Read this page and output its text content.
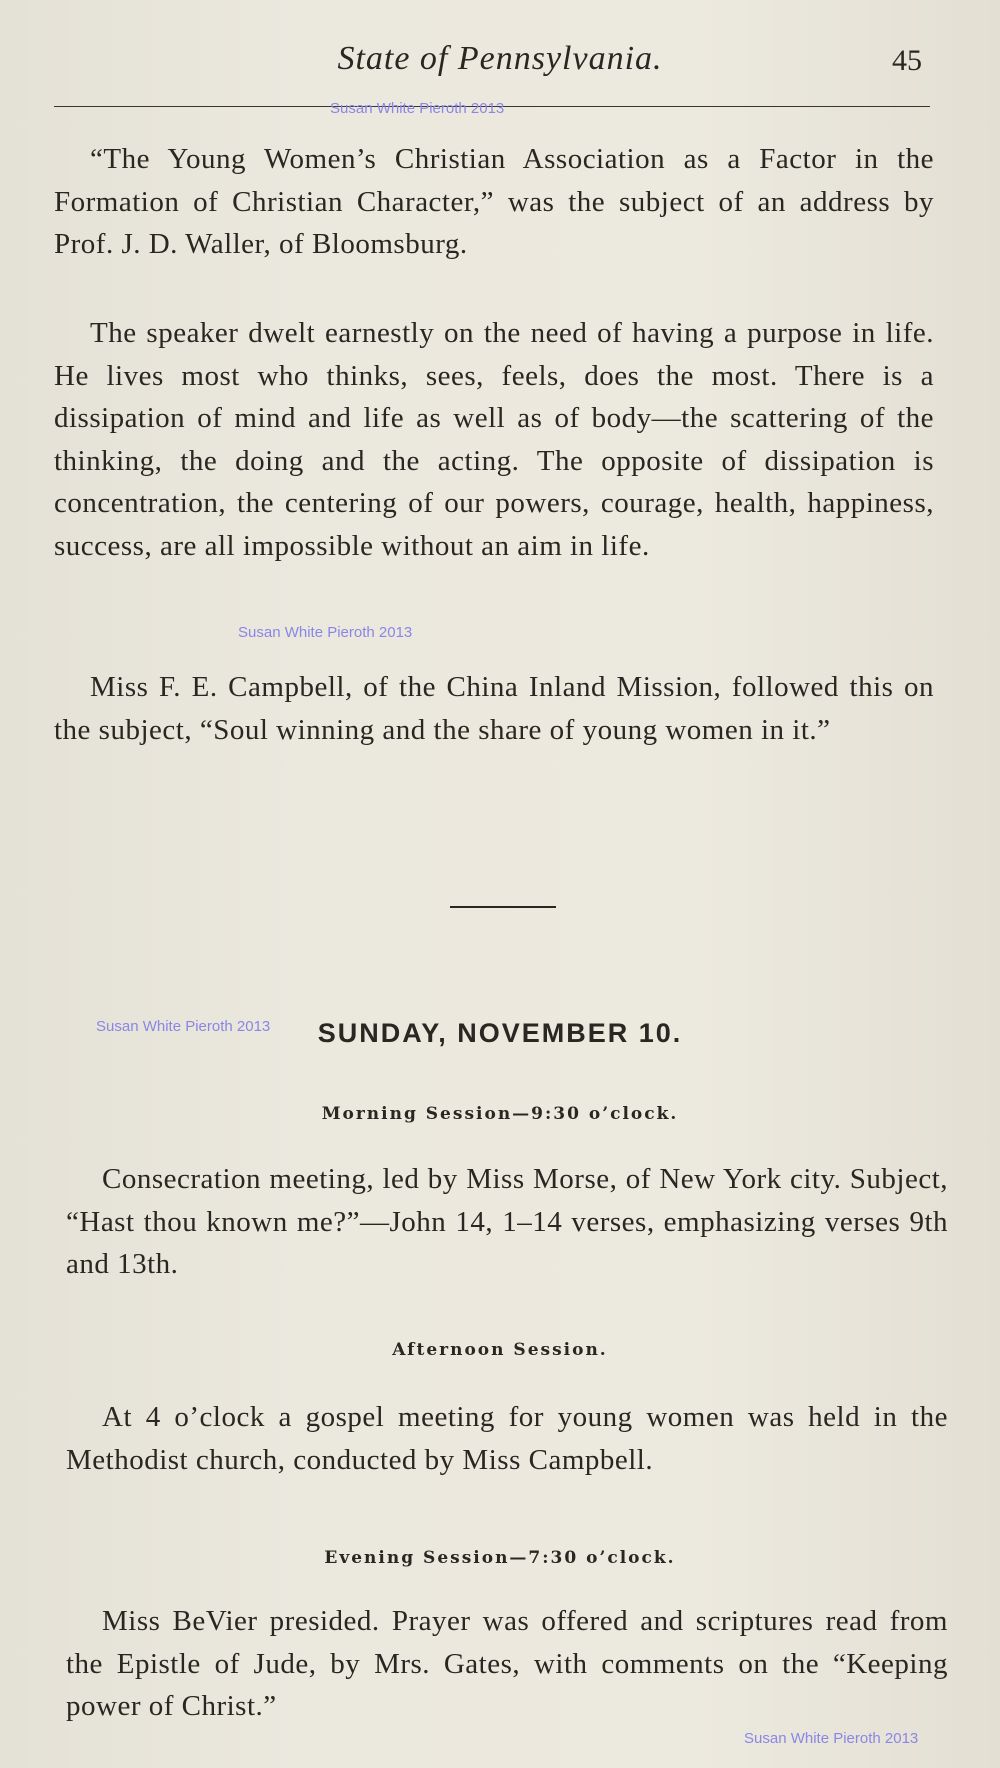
State of Pennsylvania.	45
Susan White Pieroth 2013
“The Young Women’s Christian Association as a Factor in the Formation of Christian Character,” was the subject of an address by Prof. J. D. Waller, of Bloomsburg.
The speaker dwelt earnestly on the need of having a purpose in life. He lives most who thinks, sees, feels, does the most. There is a dissipation of mind and life as well as of body—the scattering of the thinking, the doing and the acting. The opposite of dissipation is concentration, the centering of our powers, courage, health, happiness, success, are all impossible without an aim in life.
Susan White Pieroth 2013
Miss F. E. Campbell, of the China Inland Mission, followed this on the subject, “Soul winning and the share of young women in it.”
Susan White Pieroth 2013	SUNDAY, NOVEMBER 10.
Morning Session—9:30 o’clock.
Consecration meeting, led by Miss Morse, of New York city. Subject, “Hast thou known me?”—John 14, 1–14 verses, emphasizing verses 9th and 13th.
Afternoon Session.
At 4 o’clock a gospel meeting for young women was held in the Methodist church, conducted by Miss Campbell.
Evening Session—7:30 o’clock.
Miss BeVier presided. Prayer was offered and scriptures read from the Epistle of Jude, by Mrs. Gates, with comments on the “Keeping power of Christ.”
Susan White Pieroth 2013
